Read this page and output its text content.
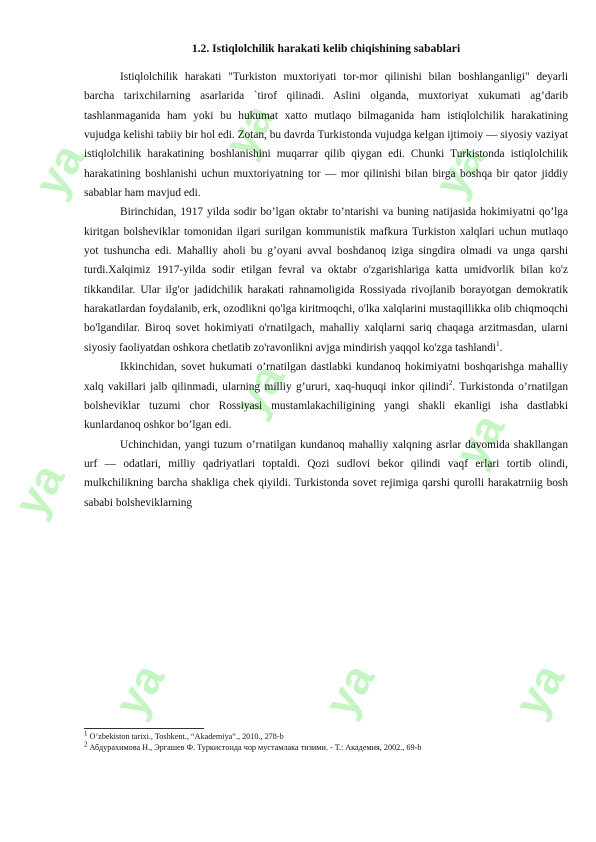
ya
ya
ya
ya
ya
ya
ya
ya
ya
1.2. Istiqlolchilik harakati kelib chiqishining sabablari

Istiqlolchilik harakati "Turkiston muxtoriyati tor-mor qilinishi bilan boshlanganligi" deyarli barcha tarixchilarning asarlarida `tirof qilinadi. Aslini olganda, muxtoriyat xukumati ag’darib tashlanmaganida ham yoki bu hukumat xatto mutlaqo bilmaganida ham istiqlolchilik harakatining vujudga kelishi tabiiy bir hol edi. Zotan, bu davrda Turkistonda vujudga kelgan ijtimoiy — siyosiy vaziyat istiqlolchilik harakatining boshlanishini muqarrar qilib qiygan edi. Chunki Turkistonda istiqlolchilik harakatining boshlanishi uchun muxtoriyatning tor — mor qilinishi bilan birga boshqa bir qator jiddiy sabablar ham mavjud edi.

Birinchidan, 1917 yilda sodir bo’lgan oktabr to’ntarishi va buning natijasida hokimiyatni qo’lga kiritgan bolsheviklar tomonidan ilgari surilgan kommunistik mafkura Turkiston xalqlari uchun mutlaqo yot tushuncha edi. Mahalliy aholi bu g’oyani avval boshdanoq iziga singdira olmadi va unga qarshi turdi.Xalqimiz 1917-yilda sodir etilgan fevral va oktabr o'zgarishlariga katta umidvorlik bilan ko'z tikkandilar. Ular ilg'or jadidchilik harakati rahnamoligida Rossiyada rivojlanib borayotgan demokratik harakatlardan foydalanib, erk, ozodlikni qo'lga kiritmoqchi, o'lka xalqlarini mustaqillikka olib chiqmoqchi bo'lgandilar. Biroq sovet hokimiyati o'rnatilgach, mahalliy xalqlarni sariq chaqaga arzitmasdan, ularni siyosiy faoliyatdan oshkora chetlatib zo'ravonlikni avjga mindirish yaqqol ko'zga tashlandi$^1$.

Ikkinchidan, sovet hukumati o’rnatilgan dastlabki kundanoq hokimiyatni boshqarishga mahalliy xalq vakillari jalb qilinmadi, ularning milliy g’ururi, xaq-huquqi inkor qilindi$^2$. Turkistonda o’rnatilgan bolsheviklar tuzumi chor Rossiyasi mustamlakachiligining yangi shakli ekanligi isha dastlabki kunlardanoq oshkor bo’lgan edi.

Uchinchidan, yangi tuzum o’rnatilgan kundanoq mahalliy xalqning asrlar davomida shakllangan urf — odatlari, milliy qadriyatlari toptaldi. Qozi sudlovi bekor qilindi vaqf erlari tortib olindi, mulkchilikning barcha shakliga chek qiyildi. Turkistonda sovet rejimiga qarshi qurolli harakatrniig bosh sababi bolsheviklarning

$^1$ O’zbekiston tarixi., Toshkent., “Akademiya”., 2010., 278-b
$^2$ Абдурахимова Н., Эргашев Ф. Туркистонда чор мустамлака тизими. - Т.: Академия, 2002., 69-b
